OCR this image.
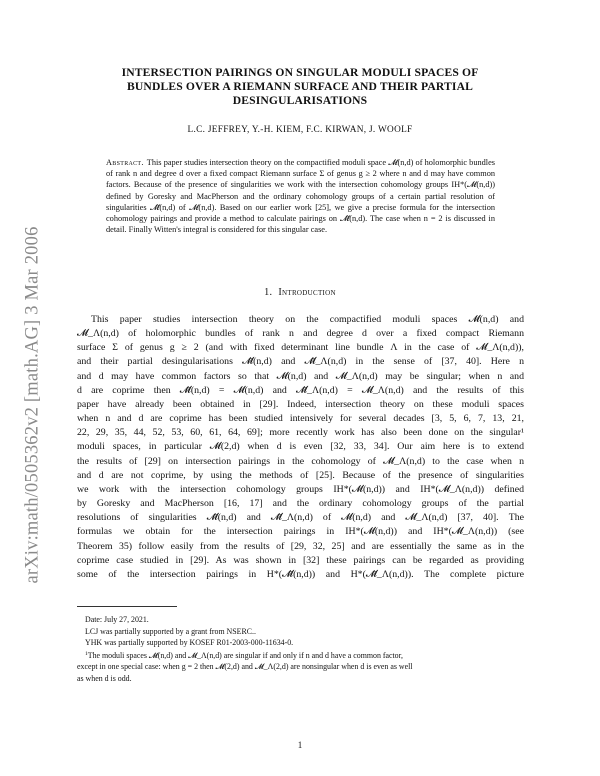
arXiv:math/0505362v2 [math.AG] 3 Mar 2006
INTERSECTION PAIRINGS ON SINGULAR MODULI SPACES OF
BUNDLES OVER A RIEMANN SURFACE AND THEIR PARTIAL
DESINGULARISATIONS
L.C. JEFFREY, Y.-H. KIEM, F.C. KIRWAN, J. WOOLF
Abstract. This paper studies intersection theory on the compactified moduli space 𝓜(n,d) of holomorphic bundles of rank n and degree d over a fixed compact Riemann surface Σ of genus g ≥ 2 where n and d may have common factors. Because of the presence of singularities we work with the intersection cohomology groups IH*(𝓜(n,d)) defined by Goresky and MacPherson and the ordinary cohomology groups of a certain partial resolution of singularities 𝓜̃(n,d) of 𝓜(n,d). Based on our earlier work [25], we give a precise formula for the intersection cohomology pairings and provide a method to calculate pairings on 𝓜̃(n,d). The case when n = 2 is discussed in detail. Finally Witten's integral is considered for this singular case.
1. Introduction
This paper studies intersection theory on the compactified moduli spaces 𝓜(n,d) and
𝓜_Λ(n,d) of holomorphic bundles of rank n and degree d over a fixed compact Riemann
surface Σ of genus g ≥ 2 (and with fixed determinant line bundle Λ in the case of 𝓜_Λ(n,d)),
and their partial desingularisations 𝓜̃(n,d) and 𝓜̃_Λ(n,d) in the sense of [37, 40]. Here n
and d may have common factors so that 𝓜(n,d) and 𝓜_Λ(n,d) may be singular; when n and
d are coprime then 𝓜̃(n,d) = 𝓜(n,d) and 𝓜̃_Λ(n,d) = 𝓜_Λ(n,d) and the results of this
paper have already been obtained in [29]. Indeed, intersection theory on these moduli spaces
when n and d are coprime has been studied intensively for several decades [3, 5, 6, 7, 13, 21,
22, 29, 35, 44, 52, 53, 60, 61, 64, 69]; more recently work has also been done on the singular¹
moduli spaces, in particular 𝓜(2,d) when d is even [32, 33, 34]. Our aim here is to extend
the results of [29] on intersection pairings in the cohomology of 𝓜_Λ(n,d) to the case when n
and d are not coprime, by using the methods of [25]. Because of the presence of singularities
we work with the intersection cohomology groups IH*(𝓜(n,d)) and IH*(𝓜_Λ(n,d)) defined
by Goresky and MacPherson [16, 17] and the ordinary cohomology groups of the partial
resolutions of singularities 𝓜̃(n,d) and 𝓜̃_Λ(n,d) of 𝓜(n,d) and 𝓜_Λ(n,d) [37, 40]. The
formulas we obtain for the intersection pairings in IH*(𝓜(n,d)) and IH*(𝓜_Λ(n,d)) (see
Theorem 35) follow easily from the results of [29, 32, 25] and are essentially the same as in the
coprime case studied in [29]. As was shown in [32] these pairings can be regarded as providing
some of the intersection pairings in H*(𝓜̃(n,d)) and H*(𝓜̃_Λ(n,d)). The complete picture
Date: July 27, 2021.
LCJ was partially supported by a grant from NSERC..
YHK was partially supported by KOSEF R01-2003-000-11634-0.
$^1$The moduli spaces 𝓜(n,d) and 𝓜_Λ(n,d) are singular if and only if n and d have a common factor,
except in one special case: when g = 2 then 𝓜(2,d) and 𝓜_Λ(2,d) are nonsingular when d is even as well
as when d is odd.
1
